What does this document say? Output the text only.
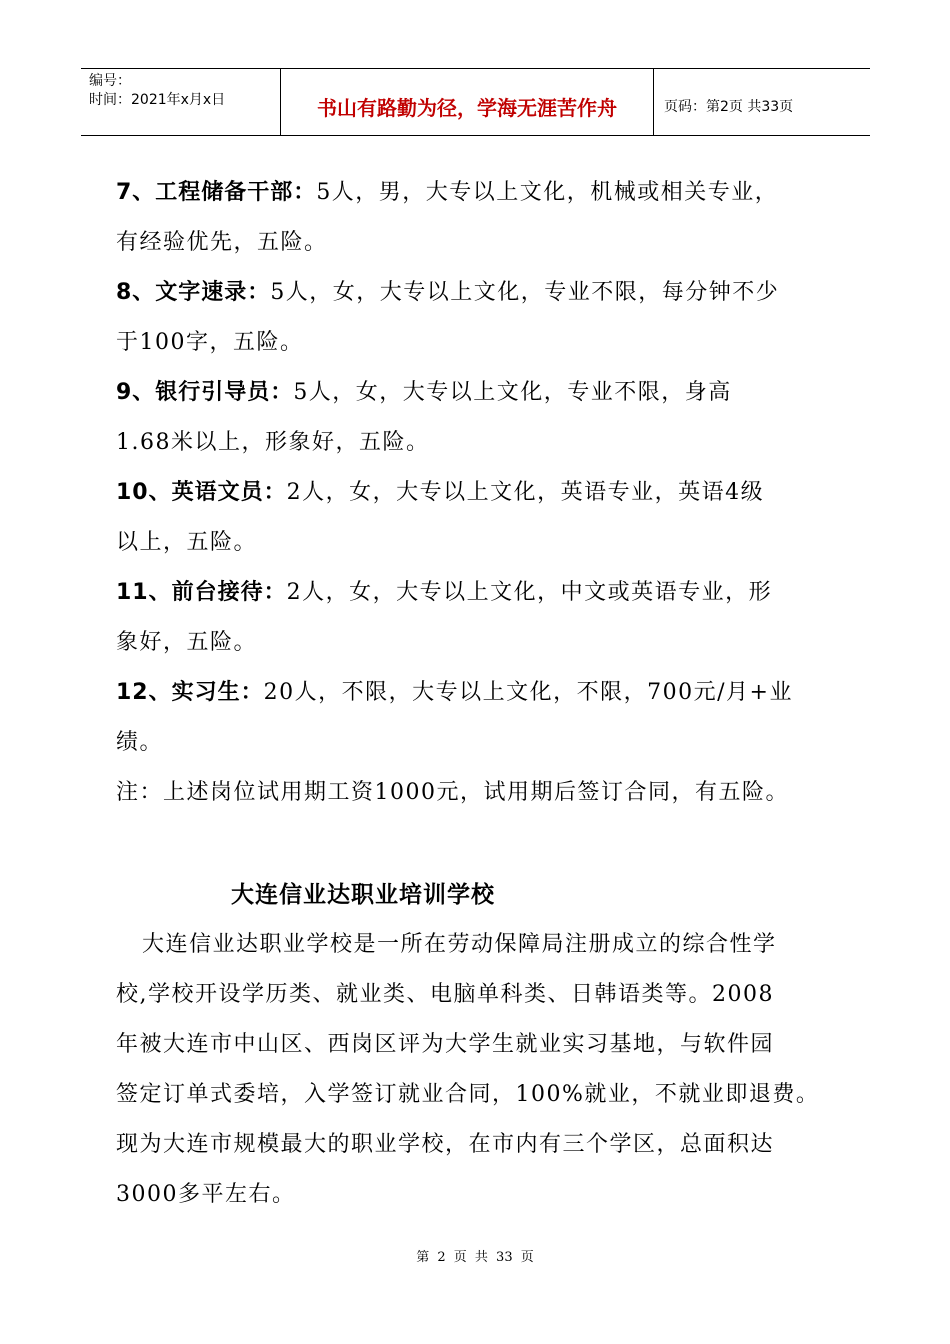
编号：
时间：2021年x月x日	书山有路勤为径，学海无涯苦作舟	页码：第2页 共33页
7、工程储备干部：5人，男，大专以上文化，机械或相关专业，
有经验优先，五险。
8、文字速录：5人，女，大专以上文化，专业不限，每分钟不少
于100字，五险。
9、银行引导员：5人，女，大专以上文化，专业不限，身高
1.68米以上，形象好，五险。
10、英语文员：2人，女，大专以上文化，英语专业，英语4级
以上，五险。
11、前台接待：2人，女，大专以上文化，中文或英语专业，形
象好，五险。
12、实习生：20人，不限，大专以上文化，不限，700元/月+业
绩。
注：上述岗位试用期工资1000元，试用期后签订合同，有五险。
大连信业达职业培训学校
大连信业达职业学校是一所在劳动保障局注册成立的综合性学
校,学校开设学历类、就业类、电脑单科类、日韩语类等。2008
年被大连市中山区、西岗区评为大学生就业实习基地，与软件园
签定订单式委培，入学签订就业合同，100%就业，不就业即退费。
现为大连市规模最大的职业学校，在市内有三个学区，总面积达
3000多平左右。
第 2 页 共 33 页
